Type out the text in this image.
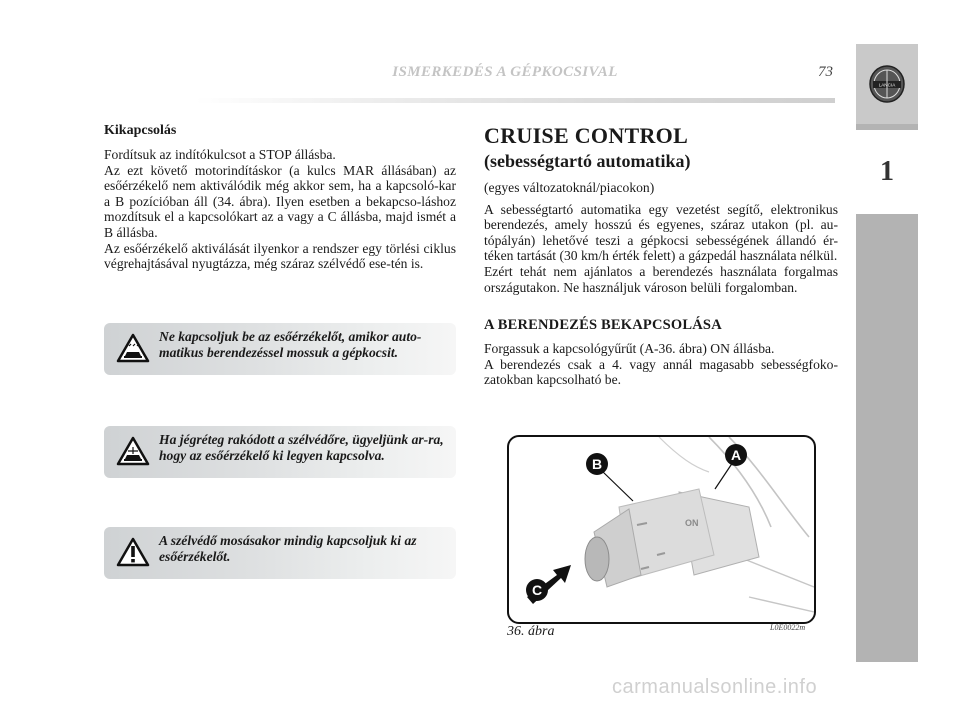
ISMERKEDÉS A GÉPKOCSIVAL	73
LANCIA
1

Kikapcsolás

Fordítsuk az indítókulcsot a STOP állásba.

Az ezt követő motorindításkor (a kulcs MAR állásában) az esőérzékelő nem aktiválódik még akkor sem, ha a kapcsoló-kar a B pozícióban áll (34. ábra). Ilyen esetben a bekapcso-láshoz mozdítsuk el a kapcsolókart az a vagy a C állásba, majd ismét a B állásba.

Az esőérzékelő aktiválását ilyenkor a rendszer egy törlési ciklus végrehajtásával nyugtázza, még száraz szélvédő ese-tén is.

Ne kapcsoljuk be az esőérzékelőt, amikor auto-matikus berendezéssel mossuk a gépkocsit.
Ha jégréteg rakódott a szélvédőre, ügyeljünk ar-ra, hogy az esőérzékelő ki legyen kapcsolva.
A szélvédő mosásakor mindig kapcsoljuk ki az esőérzékelőt.

CRUISE CONTROL

(sebességtartó automatika)

(egyes változatoknál/piacokon)

A sebességtartó automatika egy vezetést segítő, elektronikus berendezés, amely hosszú és egyenes, száraz utakon (pl. au-tópályán) lehetővé teszi a gépkocsi sebességének állandó ér-téken tartását (30 km/h érték felett) a gázpedál használata nélkül.

Ezért tehát nem ajánlatos a berendezés használata forgalmas országutakon. Ne használjuk városon belüli forgalomban.

A BERENDEZÉS BEKAPCSOLÁSA

Forgassuk a kapcsológyűrűt (A-36. ábra) ON állásba.

A berendezés csak a 4. vagy annál magasabb sebességfoko-zatokban kapcsolható be.

ON
A
B
C
36. ábra	L0E0022m
carmanualsonline.info
